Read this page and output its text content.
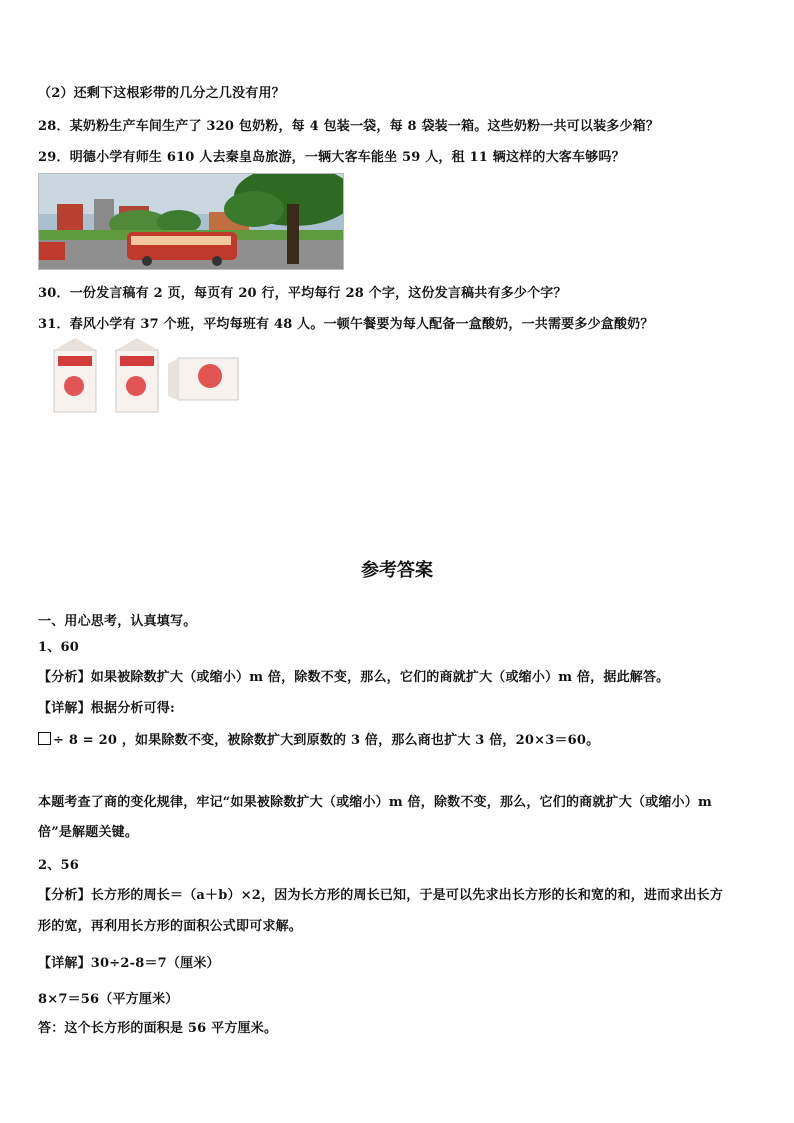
（2）还剩下这根彩带的几分之几没有用？
28．某奶粉生产车间生产了 320 包奶粉，每 4 包装一袋，每 8 袋装一箱。这些奶粉一共可以装多少箱？
29．明德小学有师生 610 人去秦皇岛旅游，一辆大客车能坐 59 人，租 11 辆这样的大客车够吗？
30．一份发言稿有 2 页，每页有 20 行，平均每行 28 个字，这份发言稿共有多少个字？
31．春风小学有 37 个班，平均每班有 48 人。一顿午餐要为每人配备一盒酸奶，一共需要多少盒酸奶？
参考答案
一、用心思考，认真填写。
1、60
【分析】如果被除数扩大（或缩小）m 倍，除数不变，那么，它们的商就扩大（或缩小）m 倍，据此解答。
【详解】根据分析可得:
÷ 8 = 20 ，如果除数不变，被除数扩大到原数的 3 倍，那么商也扩大 3 倍，20×3＝60。
本题考查了商的变化规律，牢记“如果被除数扩大（或缩小）m 倍，除数不变，那么，它们的商就扩大（或缩小）m
倍”是解题关键。
2、56
【分析】长方形的周长＝（a＋b）×2，因为长方形的周长已知，于是可以先求出长方形的长和宽的和，进而求出长方
形的宽，再利用长方形的面积公式即可求解。
【详解】30÷2-8＝7（厘米）
8×7＝56（平方厘米）
答：这个长方形的面积是 56 平方厘米。
